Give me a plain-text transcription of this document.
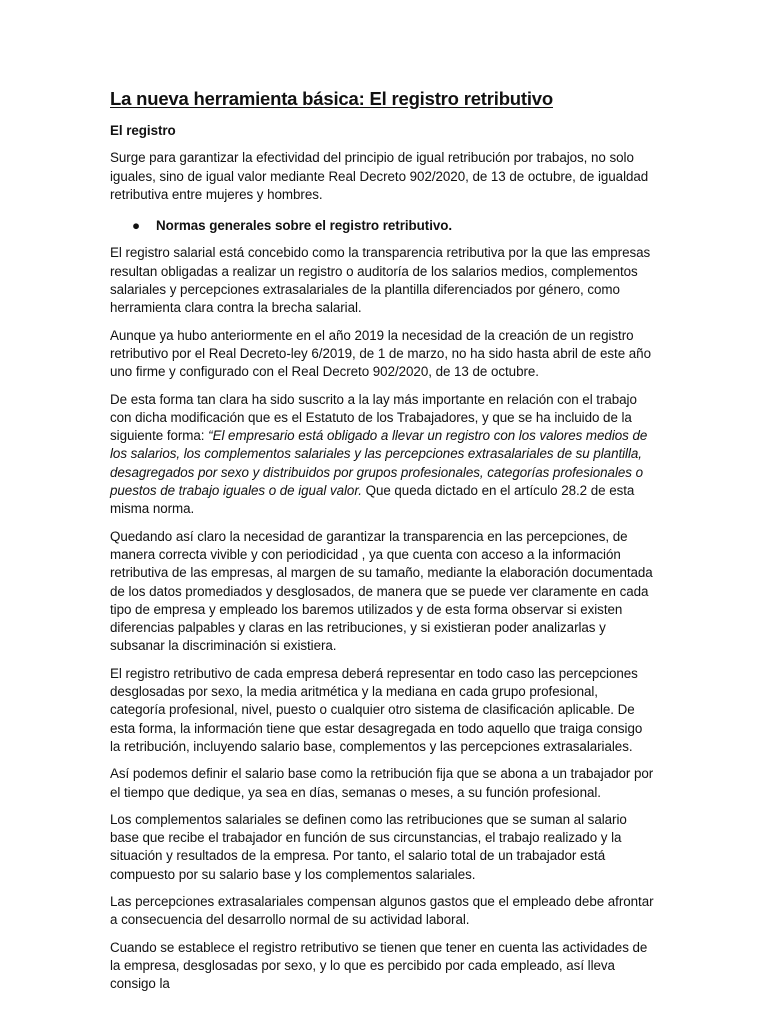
La nueva herramienta básica: El registro retributivo
El registro

Surge para garantizar la efectividad del principio de igual retribución por trabajos, no solo iguales, sino de igual valor mediante Real Decreto 902/2020, de 13 de octubre, de igualdad retributiva entre mujeres y hombres.

● Normas generales sobre el registro retributivo.

El registro salarial está concebido como la transparencia retributiva por la que las empresas resultan obligadas a realizar un registro o auditoría de los salarios medios, complementos salariales y percepciones extrasalariales de la plantilla diferenciados por género, como herramienta clara contra la brecha salarial.

Aunque ya hubo anteriormente en el año 2019 la necesidad de la creación de un registro retributivo por el Real Decreto-ley 6/2019, de 1 de marzo, no ha sido hasta abril de este año uno firme y configurado con el Real Decreto 902/2020, de 13 de octubre.

De esta forma tan clara ha sido suscrito a la lay más importante en relación con el trabajo con dicha modificación que es el Estatuto de los Trabajadores, y que se ha incluido de la siguiente forma: “El empresario está obligado a llevar un registro con los valores medios de los salarios, los complementos salariales y las percepciones extrasalariales de su plantilla, desagregados por sexo y distribuidos por grupos profesionales, categorías profesionales o puestos de trabajo iguales o de igual valor. Que queda dictado en el artículo 28.2 de esta misma norma.

Quedando así claro la necesidad de garantizar la transparencia en las percepciones, de manera correcta vivible y con periodicidad , ya que cuenta con acceso a la información retributiva de las empresas, al margen de su tamaño, mediante la elaboración documentada de los datos promediados y desglosados, de manera que se puede ver claramente en cada tipo de empresa y empleado los baremos utilizados y de esta forma observar si existen diferencias palpables y claras en las retribuciones, y si existieran poder analizarlas y subsanar la discriminación si existiera.

El registro retributivo de cada empresa deberá representar en todo caso las percepciones desglosadas por sexo, la media aritmética y la mediana en cada grupo profesional, categoría profesional, nivel, puesto o cualquier otro sistema de clasificación aplicable. De esta forma, la información tiene que estar desagregada en todo aquello que traiga consigo la retribución, incluyendo salario base, complementos y las percepciones extrasalariales.

Así podemos definir el salario base como la retribución fija que se abona a un trabajador por el tiempo que dedique, ya sea en días, semanas o meses, a su función profesional.

Los complementos salariales se definen como las retribuciones que se suman al salario base que recibe el trabajador en función de sus circunstancias, el trabajo realizado y la situación y resultados de la empresa. Por tanto, el salario total de un trabajador está compuesto por su salario base y los complementos salariales.

Las percepciones extrasalariales compensan algunos gastos que el empleado debe afrontar a consecuencia del desarrollo normal de su actividad laboral.

Cuando se establece el registro retributivo se tienen que tener en cuenta las actividades de la empresa, desglosadas por sexo, y lo que es percibido por cada empleado, así lleva consigo la
